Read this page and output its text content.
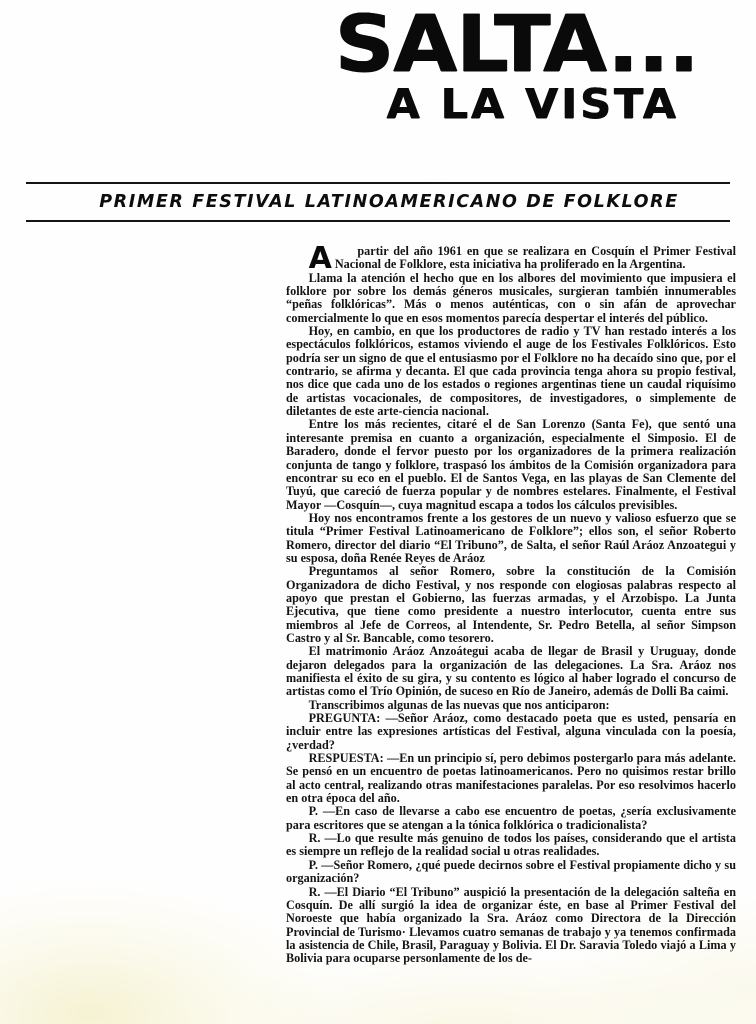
SALTA...
A LA VISTA
PRIMER FESTIVAL LATINOAMERICANO DE FOLKLORE

A partir del año 1961 en que se realizara en Cosquín el Primer Festival Nacional de Folklore, esta iniciativa ha proliferado en la Argentina.

Llama la atención el hecho que en los albores del movimiento que impusiera el folklore por sobre los demás géneros musicales, surgieran también innumerables “peñas folklóricas”. Más o menos auténticas, con o sin afán de aprovechar comercialmente lo que en esos momentos parecía despertar el interés del público.

Hoy, en cambio, en que los productores de radio y TV han restado interés a los espectáculos folklóricos, estamos viviendo el auge de los Festivales Folklóricos. Esto podría ser un signo de que el entusiasmo por el Folklore no ha decaído sino que, por el contrario, se afirma y decanta. El que cada provincia tenga ahora su propio festival, nos dice que cada uno de los estados o regiones argentinas tiene un caudal riquísimo de artistas vocacionales, de compositores, de investigadores, o simplemente de diletantes de este arte-ciencia nacional.

Entre los más recientes, citaré el de San Lorenzo (Santa Fe), que sentó una interesante premisa en cuanto a organización, especialmente el Simposio. El de Baradero, donde el fervor puesto por los organizadores de la primera realización conjunta de tango y folklore, traspasó los ámbitos de la Comisión organizadora para encontrar su eco en el pueblo. El de Santos Vega, en las playas de San Clemente del Tuyú, que careció de fuerza popular y de nombres estelares. Finalmente, el Festival Mayor —Cosquín—, cuya magnitud escapa a todos los cálculos previsibles.

Hoy nos encontramos frente a los gestores de un nuevo y valioso esfuerzo que se titula “Primer Festival Latinoamericano de Folklore”; ellos son, el señor Roberto Romero, director del diario “El Tribuno”, de Salta, el señor Raúl Aráoz Anzoategui y su esposa, doña Renée Reyes de Aráoz

Preguntamos al señor Romero, sobre la constitución de la Comisión Organizadora de dicho Festival, y nos responde con elogiosas palabras respecto al apoyo que prestan el Gobierno, las fuerzas armadas, y el Arzobispo. La Junta Ejecutiva, que tiene como presidente a nuestro interlocutor, cuenta entre sus miembros al Jefe de Correos, al Intendente, Sr. Pedro Betella, al señor Simpson Castro y al Sr. Bancable, como tesorero.

El matrimonio Aráoz Anzoátegui acaba de llegar de Brasil y Uruguay, donde dejaron delegados para la organización de las delegaciones. La Sra. Aráoz nos manifiesta el éxito de su gira, y su contento es lógico al haber logrado el concurso de artistas como el Trío Opinión, de suceso en Río de Janeiro, además de Dolli Ba caimi.

Transcribimos algunas de las nuevas que nos anticiparon:

PREGUNTA: —Señor Aráoz, como destacado poeta que es usted, pensaría en incluir entre las expresiones artísticas del Festival, alguna vinculada con la poesía, ¿verdad?

RESPUESTA: —En un principio sí, pero debimos postergarlo para más adelante. Se pensó en un encuentro de poetas latinoamericanos. Pero no quisimos restar brillo al acto central, realizando otras manifestaciones paralelas. Por eso resolvimos hacerlo en otra época del año.

P. —En caso de llevarse a cabo ese encuentro de poetas, ¿sería exclusivamente para escritores que se atengan a la tónica folklórica o tradicionalista?

R. —Lo que resulte más genuino de todos los países, considerando que el artista es siempre un reflejo de la realidad social u otras realidades.

P. —Señor Romero, ¿qué puede decirnos sobre el Festival propiamente dicho y su organización?

R. —El Diario “El Tribuno” auspició la presentación de la delegación salteña en Cosquín. De allí surgió la idea de organizar éste, en base al Primer Festival del Noroeste que había organizado la Sra. Aráoz como Directora de la Dirección Provincial de Turismo· Llevamos cuatro semanas de trabajo y ya tenemos confirmada la asistencia de Chile, Brasil, Paraguay y Bolivia. El Dr. Saravia Toledo viajó a Lima y Bolivia para ocuparse personlamente de los de-
